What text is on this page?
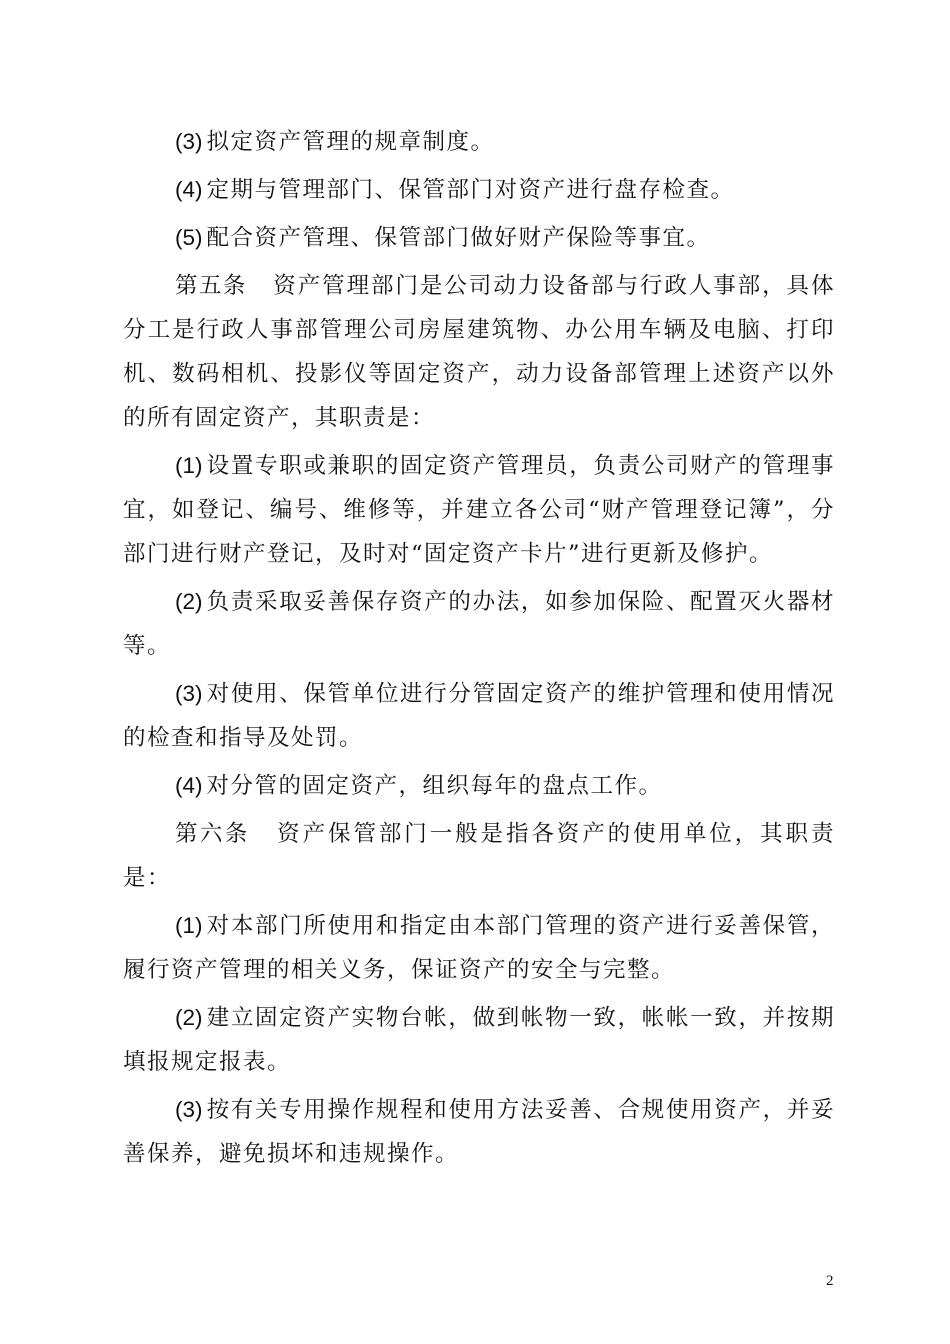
(3) 拟定资产管理的规章制度。

(4) 定期与管理部门、保管部门对资产进行盘存检查。

(5) 配合资产管理、保管部门做好财产保险等事宜。

第五条 资产管理部门是公司动力设备部与行政人事部，具体分工是行政人事部管理公司房屋建筑物、办公用车辆及电脑、打印机、数码相机、投影仪等固定资产，动力设备部管理上述资产以外的所有固定资产，其职责是：

(1) 设置专职或兼职的固定资产管理员，负责公司财产的管理事宜，如登记、编号、维修等，并建立各公司“财产管理登记簿”，分部门进行财产登记，及时对“固定资产卡片”进行更新及修护。

(2) 负责采取妥善保存资产的办法，如参加保险、配置灭火器材等。

(3) 对使用、保管单位进行分管固定资产的维护管理和使用情况的检查和指导及处罚。

(4) 对分管的固定资产，组织每年的盘点工作。

第六条 资产保管部门一般是指各资产的使用单位，其职责是：

(1) 对本部门所使用和指定由本部门管理的资产进行妥善保管，履行资产管理的相关义务，保证资产的安全与完整。

(2) 建立固定资产实物台帐，做到帐物一致，帐帐一致，并按期填报规定报表。

(3) 按有关专用操作规程和使用方法妥善、合规使用资产，并妥善保养，避免损坏和违规操作。

2
